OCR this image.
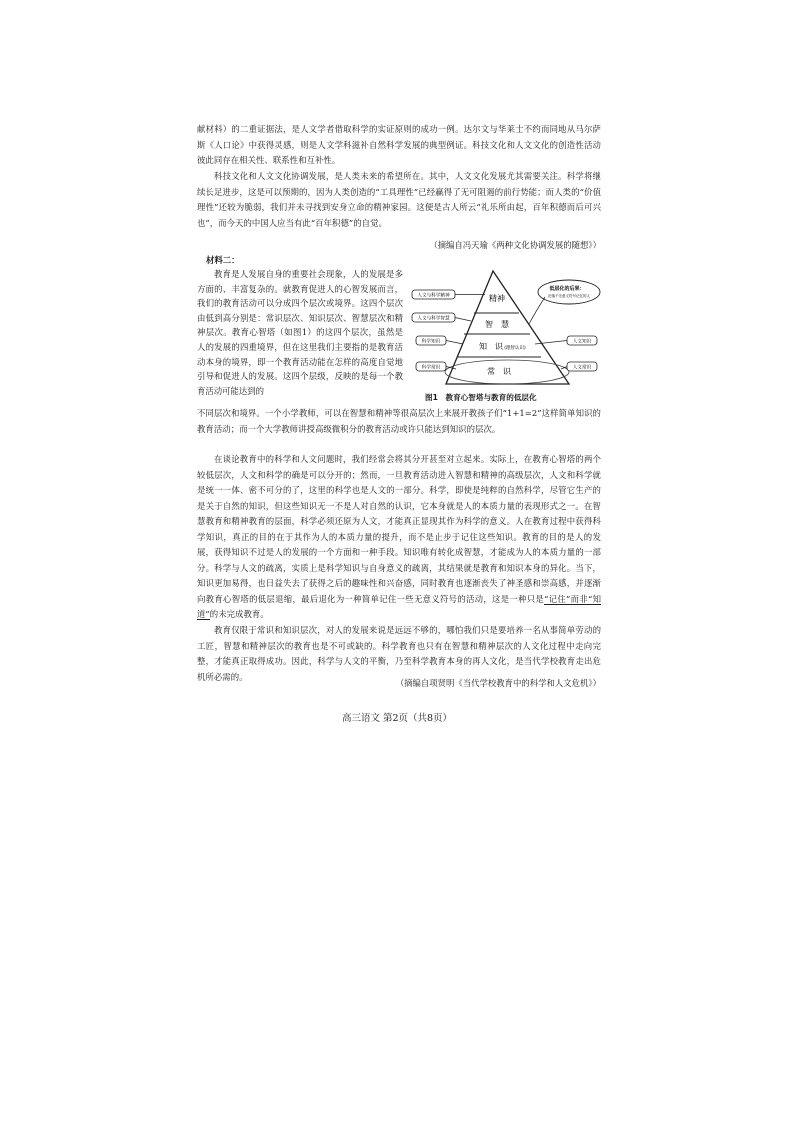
献材料）的二重证据法，是人文学者借取科学的实证原则的成功一例。达尔文与华莱士不约而同地从马尔萨斯《人口论》中获得灵感，则是人文学科滋补自然科学发展的典型例证。科技文化和人文文化的创造性活动彼此同存在相关性、联系性和互补性。

科技文化和人文文化协调发展，是人类未来的希望所在。其中，人文文化发展尤其需要关注。科学将继续长足进步，这是可以预期的，因为人类创造的“工具理性”已经赢得了无可阻遏的前行势能；而人类的“价值理性”还较为脆弱，我们并未寻找到安身立命的精神家园。这便是古人所云“礼乐所由起，百年积德而后可兴也”，而今天的中国人应当有此“百年积德”的自觉。

（摘编自冯天瑜《两种文化协调发展的随想》）

材料二：

教育是人发展自身的重要社会现象，人的发展是多方面的、丰富复杂的。就教育促进人的心智发展而言，我们的教育活动可以分成四个层次或境界。这四个层次由低到高分别是：常识层次、知识层次、智慧层次和精神层次。教育心智塔（如图1）的这四个层次，虽然是人的发展的四重境界，但在这里我们主要指的是教育活动本身的境界，即一个教育活动能在怎样的高度自觉地引导和促进人的发展。这四个层级，反映的是每一个教育活动可能达到的

精神
智　慧
知　识 (理智认识)
常　识
人文与科学精神
人文与科学智慧
科学知识
科学常识
人文知识
人文常识
低层化的后果：
沦落于无意义符号记忆的人

图1　教育心智塔与教育的低层化

不同层次和境界。一个小学教师，可以在智慧和精神等很高层次上来展开教孩子们“1+1=2”这样简单知识的教育活动；而一个大学教师讲授高级微积分的教育活动或许只能达到知识的层次。

在谈论教育中的科学和人文问题时，我们经常会将其分开甚至对立起来。实际上，在教育心智塔的两个较低层次，人文和科学的确是可以分开的；然而，一旦教育活动进入智慧和精神的高级层次，人文和科学就是统一一体、密不可分的了，这里的科学也是人文的一部分。科学，即使是纯粹的自然科学，尽管它生产的是关于自然的知识，但这些知识无一不是人对自然的认识，它本身就是人的本质力量的表现形式之一。在智慧教育和精神教育的层面，科学必须还原为人文，才能真正显现其作为科学的意义。人在教育过程中获得科学知识，真正的目的在于其作为人的本质力量的提升，而不是止步于记住这些知识。教育的目的是人的发展，获得知识不过是人的发展的一个方面和一种手段。知识唯有转化成智慧，才能成为人的本质力量的一部分。科学与人文的疏离，实质上是科学知识与自身意义的疏离，其结果就是教育和知识本身的异化。当下，知识更加易得，也日益失去了获得之后的趣味性和兴奋感，同时教育也逐渐丧失了神圣感和崇高感，并逐渐向教育心智塔的低层退缩，最后退化为一种简单记住一些无意义符号的活动，这是一种只是“记住”而非“知道”的未完成教育。

教育仅限于常识和知识层次，对人的发展来说是远远不够的，哪怕我们只是要培养一名从事简单劳动的工匠，智慧和精神层次的教育也是不可或缺的。科学教育也只有在智慧和精神层次的人文化过程中走向完整，才能真正取得成功。因此，科学与人文的平衡，乃至科学教育本身的再人文化，是当代学校教育走出危机所必需的。

（摘编自项贤明《当代学校教育中的科学和人文危机》）

高三语文 第2页（共8页）
